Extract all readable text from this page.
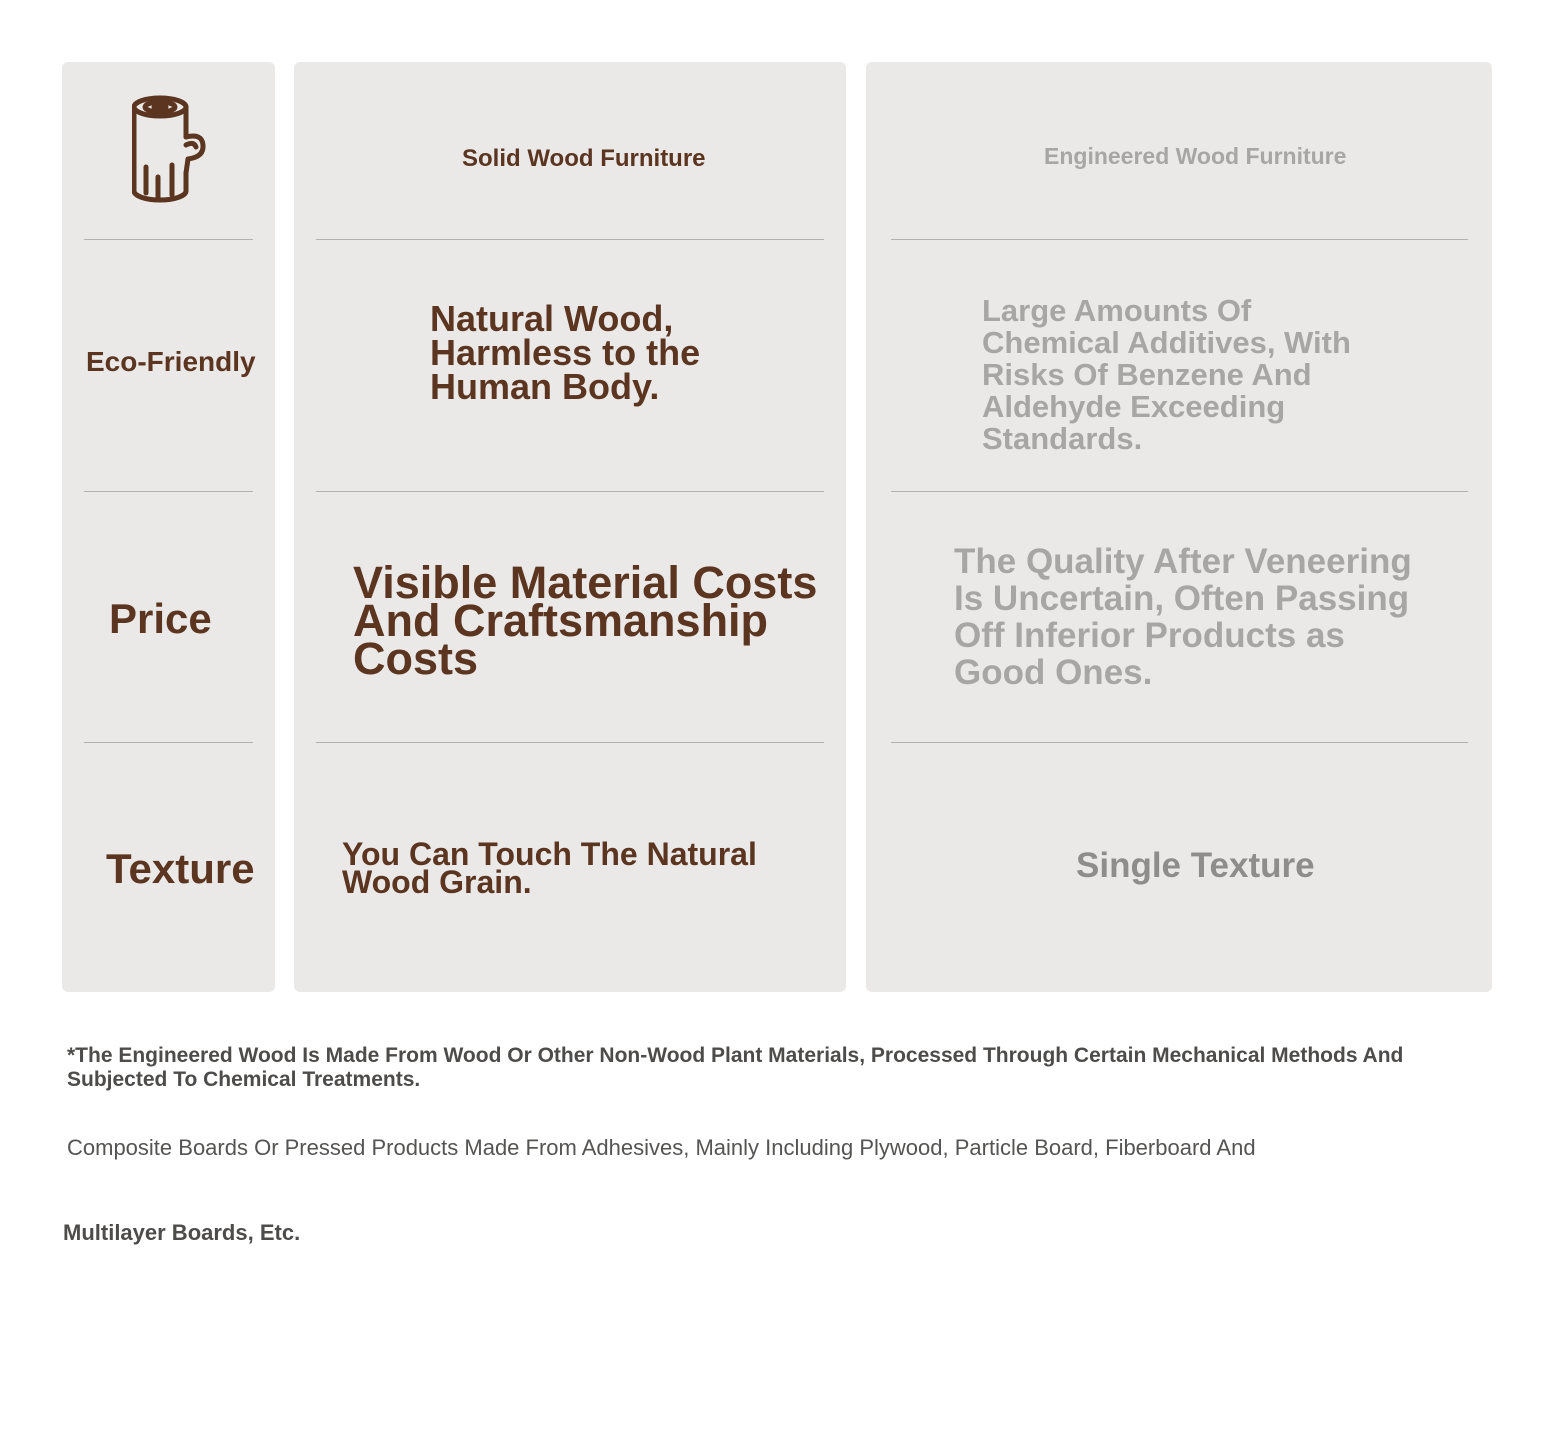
Eco-Friendly

Price

Texture

Solid Wood Furniture

Natural Wood, Harmless to the Human Body.

Visible Material Costs And Craftsmanship Costs

You Can Touch The Natural Wood Grain.

Engineered Wood Furniture

Large Amounts Of Chemical Additives, With Risks Of Benzene And Aldehyde Exceeding Standards.

The Quality After Veneering Is Uncertain, Often Passing Off Inferior Products as Good Ones.

Single Texture

*The Engineered Wood Is Made From Wood Or Other Non-Wood Plant Materials, Processed Through Certain Mechanical Methods And Subjected To Chemical Treatments.

Composite Boards Or Pressed Products Made From Adhesives, Mainly Including Plywood, Particle Board, Fiberboard And

Multilayer Boards, Etc.
